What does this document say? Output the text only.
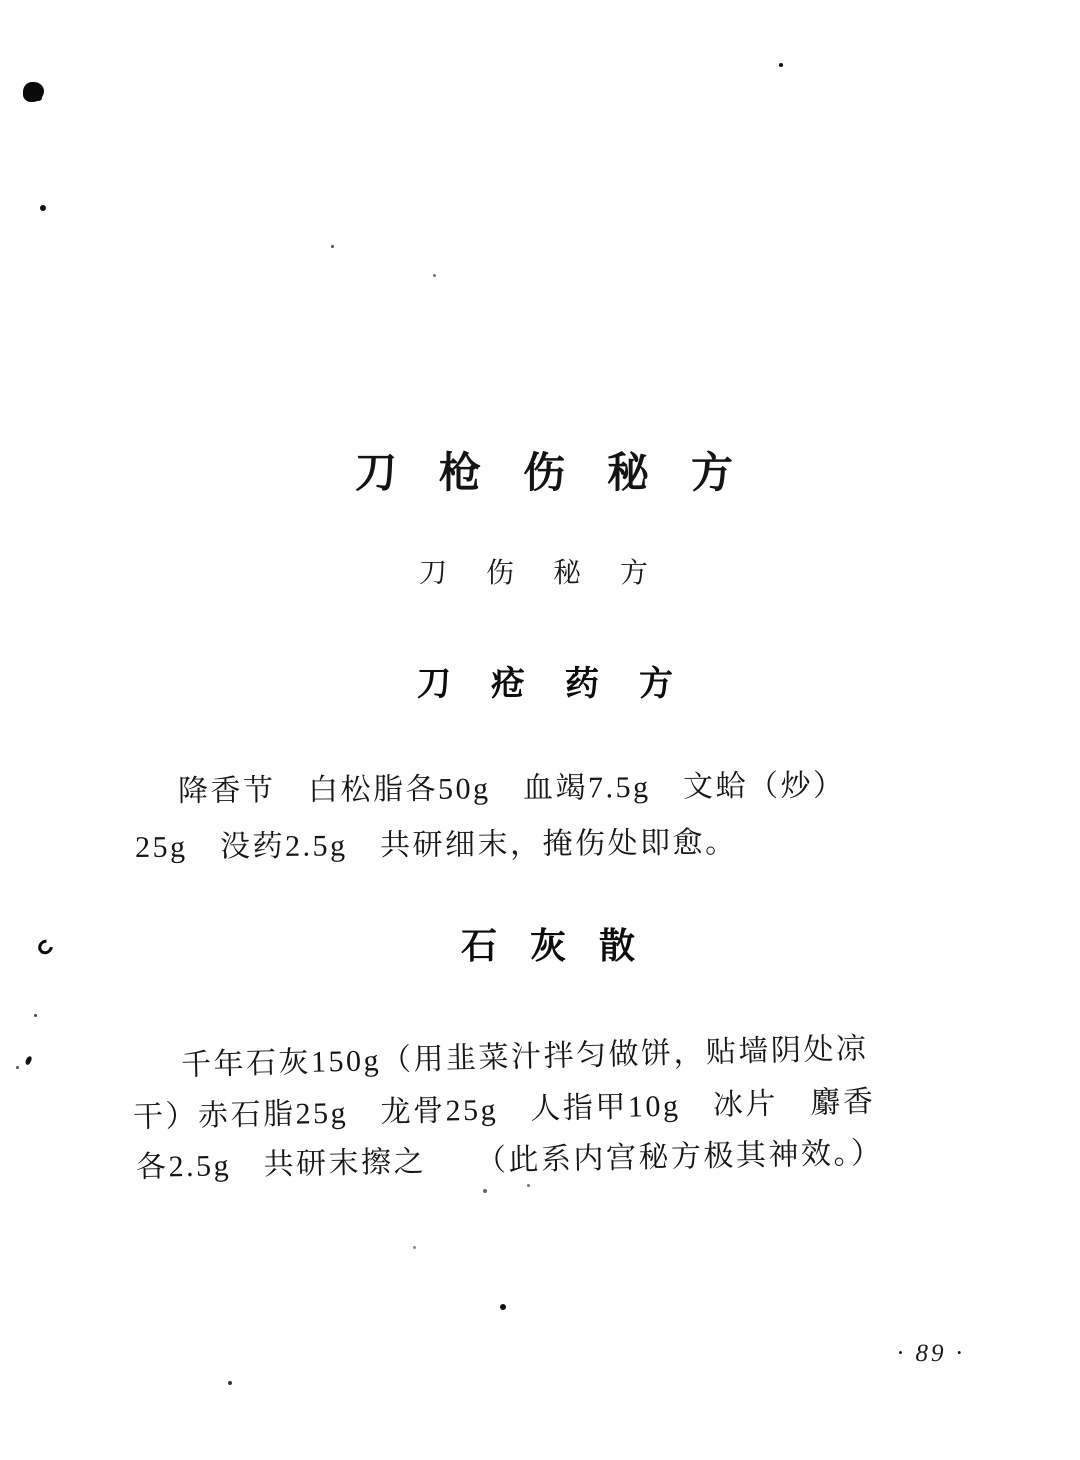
刀枪伤秘方
刀伤秘方
刀疮药方
降香节　白松脂各50g　血竭7.5g　文蛤（炒）
25g　没药2.5g　共研细末，掩伤处即愈。
石灰散
千年石灰150g（用韭菜汁拌匀做饼，贴墙阴处凉
干）赤石脂25g　龙骨25g　人指甲10g　冰片　麝香
各2.5g　共研末擦之　　（此系内宫秘方极其神效。）
· 89 ·
